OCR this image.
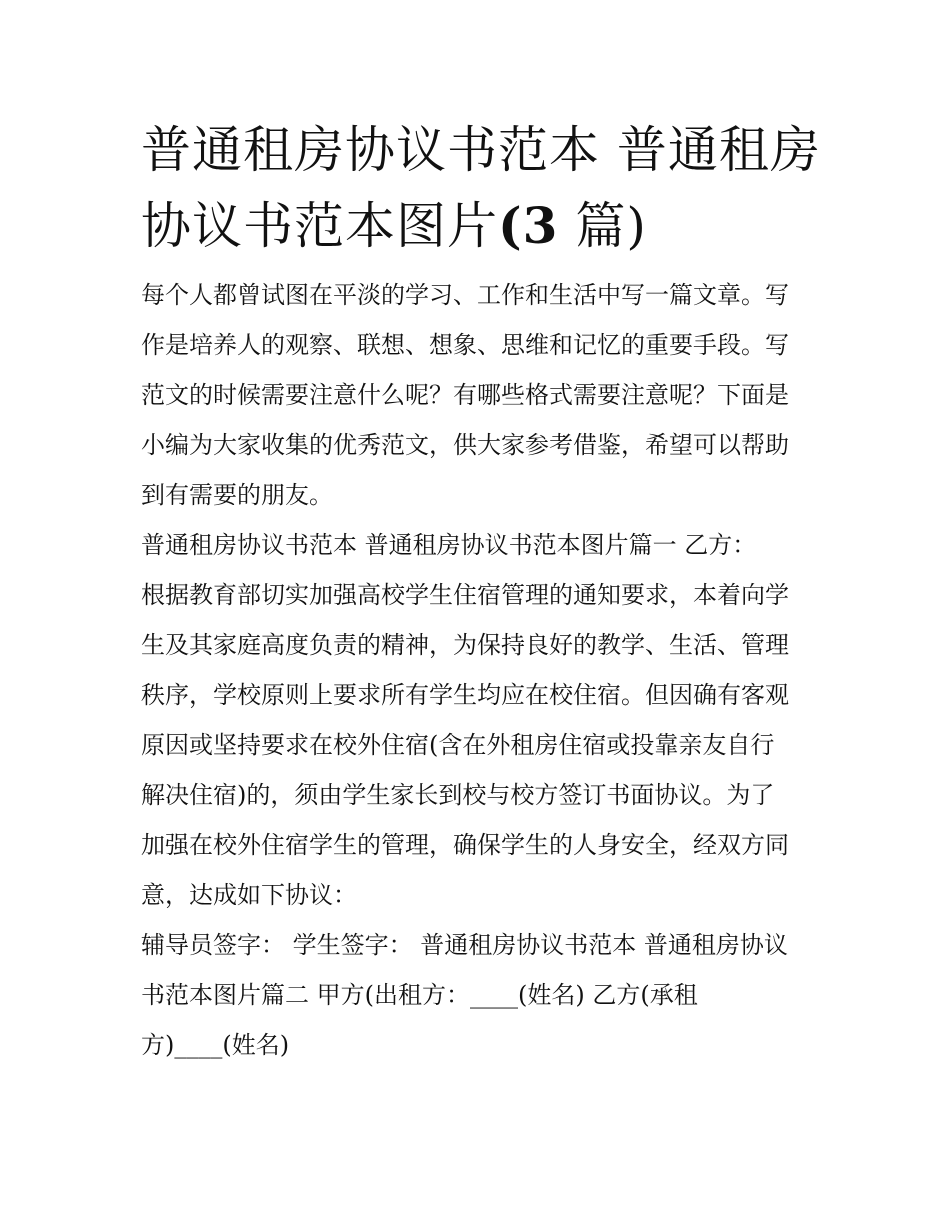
普通租房协议书范本 普通租房
协议书范本图片(3 篇)

每个人都曾试图在平淡的学习、工作和生活中写一篇文章。写
作是培养人的观察、联想、想象、思维和记忆的重要手段。写
范文的时候需要注意什么呢？有哪些格式需要注意呢？下面是
小编为大家收集的优秀范文，供大家参考借鉴，希望可以帮助
到有需要的朋友。

普通租房协议书范本 普通租房协议书范本图片篇一 乙方：

根据教育部切实加强高校学生住宿管理的通知要求，本着向学
生及其家庭高度负责的精神，为保持良好的教学、生活、管理
秩序，学校原则上要求所有学生均应在校住宿。但因确有客观
原因或坚持要求在校外住宿(含在外租房住宿或投靠亲友自行
解决住宿)的，须由学生家长到校与校方签订书面协议。为了
加强在校外住宿学生的管理，确保学生的人身安全，经双方同
意，达成如下协议：

辅导员签字： 学生签字： 普通租房协议书范本 普通租房协议
书范本图片篇二 甲方(出租方：____(姓名) 乙方(承租
方)____(姓名)
